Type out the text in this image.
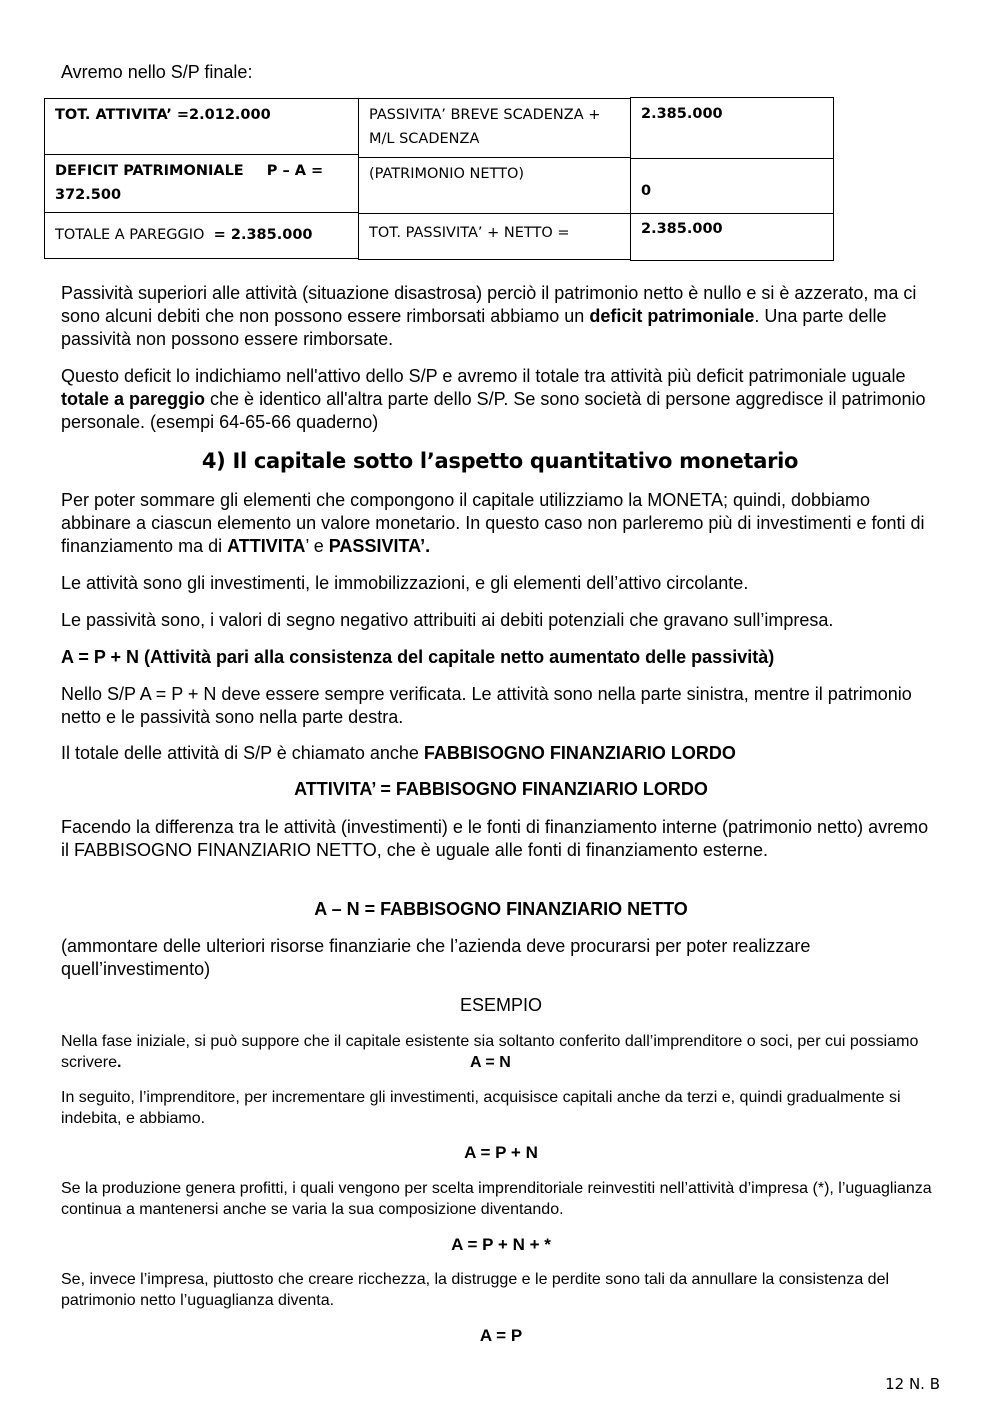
Avremo nello S/P finale:

TOT. ATTIVITA’ =2.012.000
DEFICIT PATRIMONIALE P – A =
372.500
TOTALE A PAREGGIO = 2.385.000
PASSIVITA’ BREVE SCADENZA +
M/L SCADENZA
(PATRIMONIO NETTO)
TOT. PASSIVITA’ + NETTO =
2.385.000
0
2.385.000

Passività superiori alle attività (situazione disastrosa) perciò il patrimonio netto è nullo e si è azzerato, ma ci sono alcuni debiti che non possono essere rimborsati abbiamo un deficit patrimoniale. Una parte delle passività non possono essere rimborsate.

Questo deficit lo indichiamo nell'attivo dello S/P e avremo il totale tra attività più deficit patrimoniale uguale totale a pareggio che è identico all'altra parte dello S/P. Se sono società di persone aggredisce il patrimonio personale. (esempi 64-65-66 quaderno)

4) Il capitale sotto l’aspetto quantitativo monetario

Per poter sommare gli elementi che compongono il capitale utilizziamo la MONETA; quindi, dobbiamo abbinare a ciascun elemento un valore monetario. In questo caso non parleremo più di investimenti e fonti di finanziamento ma di ATTIVITA’ e PASSIVITA’.

Le attività sono gli investimenti, le immobilizzazioni, e gli elementi dell’attivo circolante.

Le passività sono, i valori di segno negativo attribuiti ai debiti potenziali che gravano sull’impresa.

A = P + N (Attività pari alla consistenza del capitale netto aumentato delle passività)

Nello S/P A = P + N deve essere sempre verificata. Le attività sono nella parte sinistra, mentre il patrimonio netto e le passività sono nella parte destra.

Il totale delle attività di S/P è chiamato anche FABBISOGNO FINANZIARIO LORDO

ATTIVITA’ = FABBISOGNO FINANZIARIO LORDO

Facendo la differenza tra le attività (investimenti) e le fonti di finanziamento interne (patrimonio netto) avremo il FABBISOGNO FINANZIARIO NETTO, che è uguale alle fonti di finanziamento esterne.

A – N = FABBISOGNO FINANZIARIO NETTO

(ammontare delle ulteriori risorse finanziarie che l’azienda deve procurarsi per poter realizzare quell’investimento)

ESEMPIO

Nella fase iniziale, si può suppore che il capitale esistente sia soltanto conferito dall’imprenditore o soci, per cui possiamo scrivere.	A = N

In seguito, l’imprenditore, per incrementare gli investimenti, acquisisce capitali anche da terzi e, quindi gradualmente si indebita, e abbiamo.

A = P + N

Se la produzione genera profitti, i quali vengono per scelta imprenditoriale reinvestiti nell’attività d’impresa (*), l’uguaglianza continua a mantenersi anche se varia la sua composizione diventando.

A = P + N + *

Se, invece l’impresa, piuttosto che creare ricchezza, la distrugge e le perdite sono tali da annullare la consistenza del patrimonio netto l’uguaglianza diventa.

A = P

12 N. B
